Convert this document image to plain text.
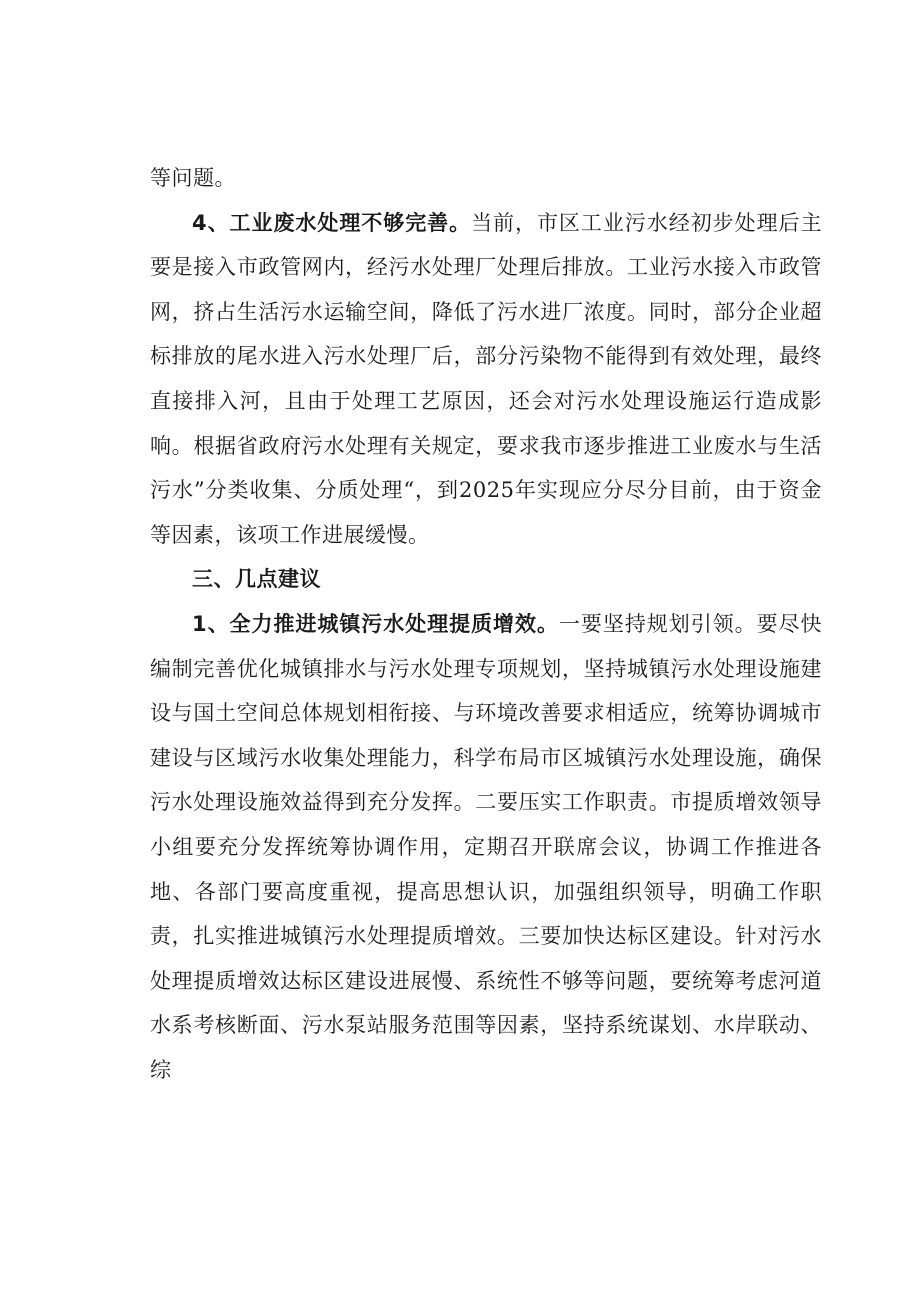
等问题。

4、工业废水处理不够完善。当前，市区工业污水经初步处理后主要是接入市政管网内，经污水处理厂处理后排放。工业污水接入市政管网，挤占生活污水运输空间，降低了污水进厂浓度。同时，部分企业超标排放的尾水进入污水处理厂后，部分污染物不能得到有效处理，最终直接排入河，且由于处理工艺原因，还会对污水处理设施运行造成影响。根据省政府污水处理有关规定，要求我市逐步推进工业废水与生活污水”分类收集、分质处理“，到2025年实现应分尽分目前，由于资金等因素，该项工作进展缓慢。

三、几点建议

1、全力推进城镇污水处理提质增效。一要坚持规划引领。要尽快编制完善优化城镇排水与污水处理专项规划，坚持城镇污水处理设施建设与国土空间总体规划相衔接、与环境改善要求相适应，统筹协调城市建设与区域污水收集处理能力，科学布局市区城镇污水处理设施，确保污水处理设施效益得到充分发挥。二要压实工作职责。市提质增效领导小组要充分发挥统筹协调作用，定期召开联席会议，协调工作推进各地、各部门要高度重视，提高思想认识，加强组织领导，明确工作职责，扎实推进城镇污水处理提质增效。三要加快达标区建设。针对污水处理提质增效达标区建设进展慢、系统性不够等问题，要统筹考虑河道水系考核断面、污水泵站服务范围等因素，坚持系统谋划、水岸联动、综
